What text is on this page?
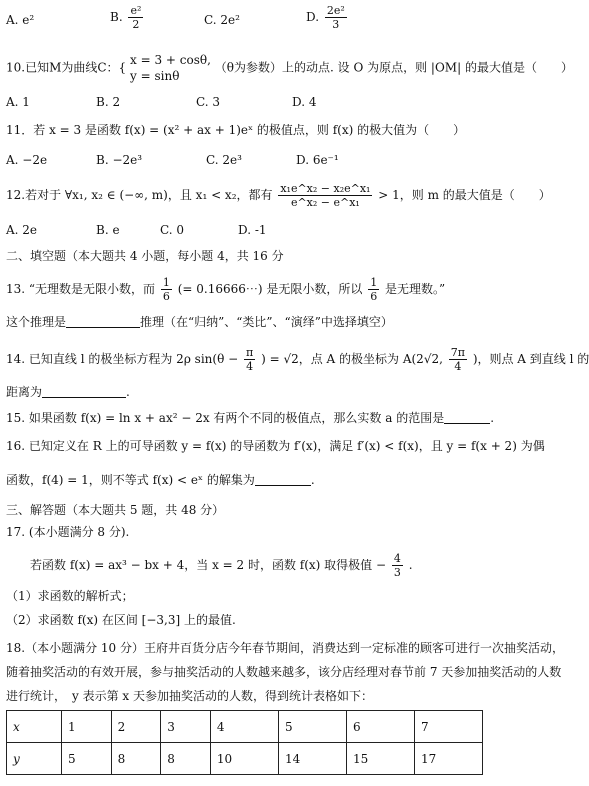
A. e²	B. $\frac{\text{e²}}{2}$	C. 2e²	D. $\frac{\text{2e²}}{3}$
10.已知M为曲线C：{
x = 3 + cosθ,
y = sinθ
（θ为参数）上的动点. 设 O 为原点，则 |OM| 的最大值是（　　）
A. 1	B. 2	C. 3	D. 4
11．若 x = 3 是函数 f(x) = (x² + ax + 1)eˣ 的极值点，则 f(x) 的极大值为（　　）
A. −2e	B. −2e³	C. 2e³	D. 6e⁻¹
12.若对于 ∀x₁, x₂ ∈ (−∞, m)，且 x₁ < x₂，都有 $\frac{\text{x₁e\textasciicircum{}x₂ − x₂e\textasciicircum{}x₁}}{\text{e\textasciicircum{}x₂ − e\textasciicircum{}x₁}} > 1$，则 m 的最大值是（　　）
A. 2e	B. e	C. 0	D. -1
二、填空题（本大题共 4 小题，每小题 4，共 16 分
13. “无理数是无限小数，而 $\frac{1}{6}$ (= 0.16666⋯) 是无限小数，所以 $\frac{1}{6}$ 是无理数。”
这个推理是	推理（在“归纳”、“类比”、“演绎”中选择填空）
14. 已知直线 l 的极坐标方程为 2ρ $\sin(\theta - \frac{\pi}{4}$ ) = √2，点 A 的极坐标为 A(2√2, $\frac{7\pi}{4}$ )，则点 A 到直线 l 的
距离为	.
15. 如果函数 f(x) = ln x + ax² − 2x 有两个不同的极值点，那么实数 a 的范围是	.
16. 已知定义在 R 上的可导函数 y = f(x) 的导函数为 f′(x)，满足 f′(x) < f(x)，且 y = f(x + 2) 为偶
函数，f(4) = 1，则不等式 f(x) < eˣ 的解集为	.
三、解答题（本大题共 5 题，共 48 分）
17. (本小题满分 8 分).
若函数 f(x) = ax³ − bx + 4，当 x = 2 时，函数 f(x) 取得极值 − $\frac{4}{3}$ .
（1）求函数的解析式；
（2）求函数 f(x) 在区间 [−3,3] 上的最值.
18.（本小题满分 10 分）王府井百货分店今年春节期间，消费达到一定标准的顾客可进行一次抽奖活动，
随着抽奖活动的有效开展，参与抽奖活动的人数越来越多，该分店经理对春节前 7 天参加抽奖活动的人数
进行统计，　y 表示第 x 天参加抽奖活动的人数，得到统计表格如下：
x	1	2	3	4	5	6	7
y	5	8	8	10	14	15	17
